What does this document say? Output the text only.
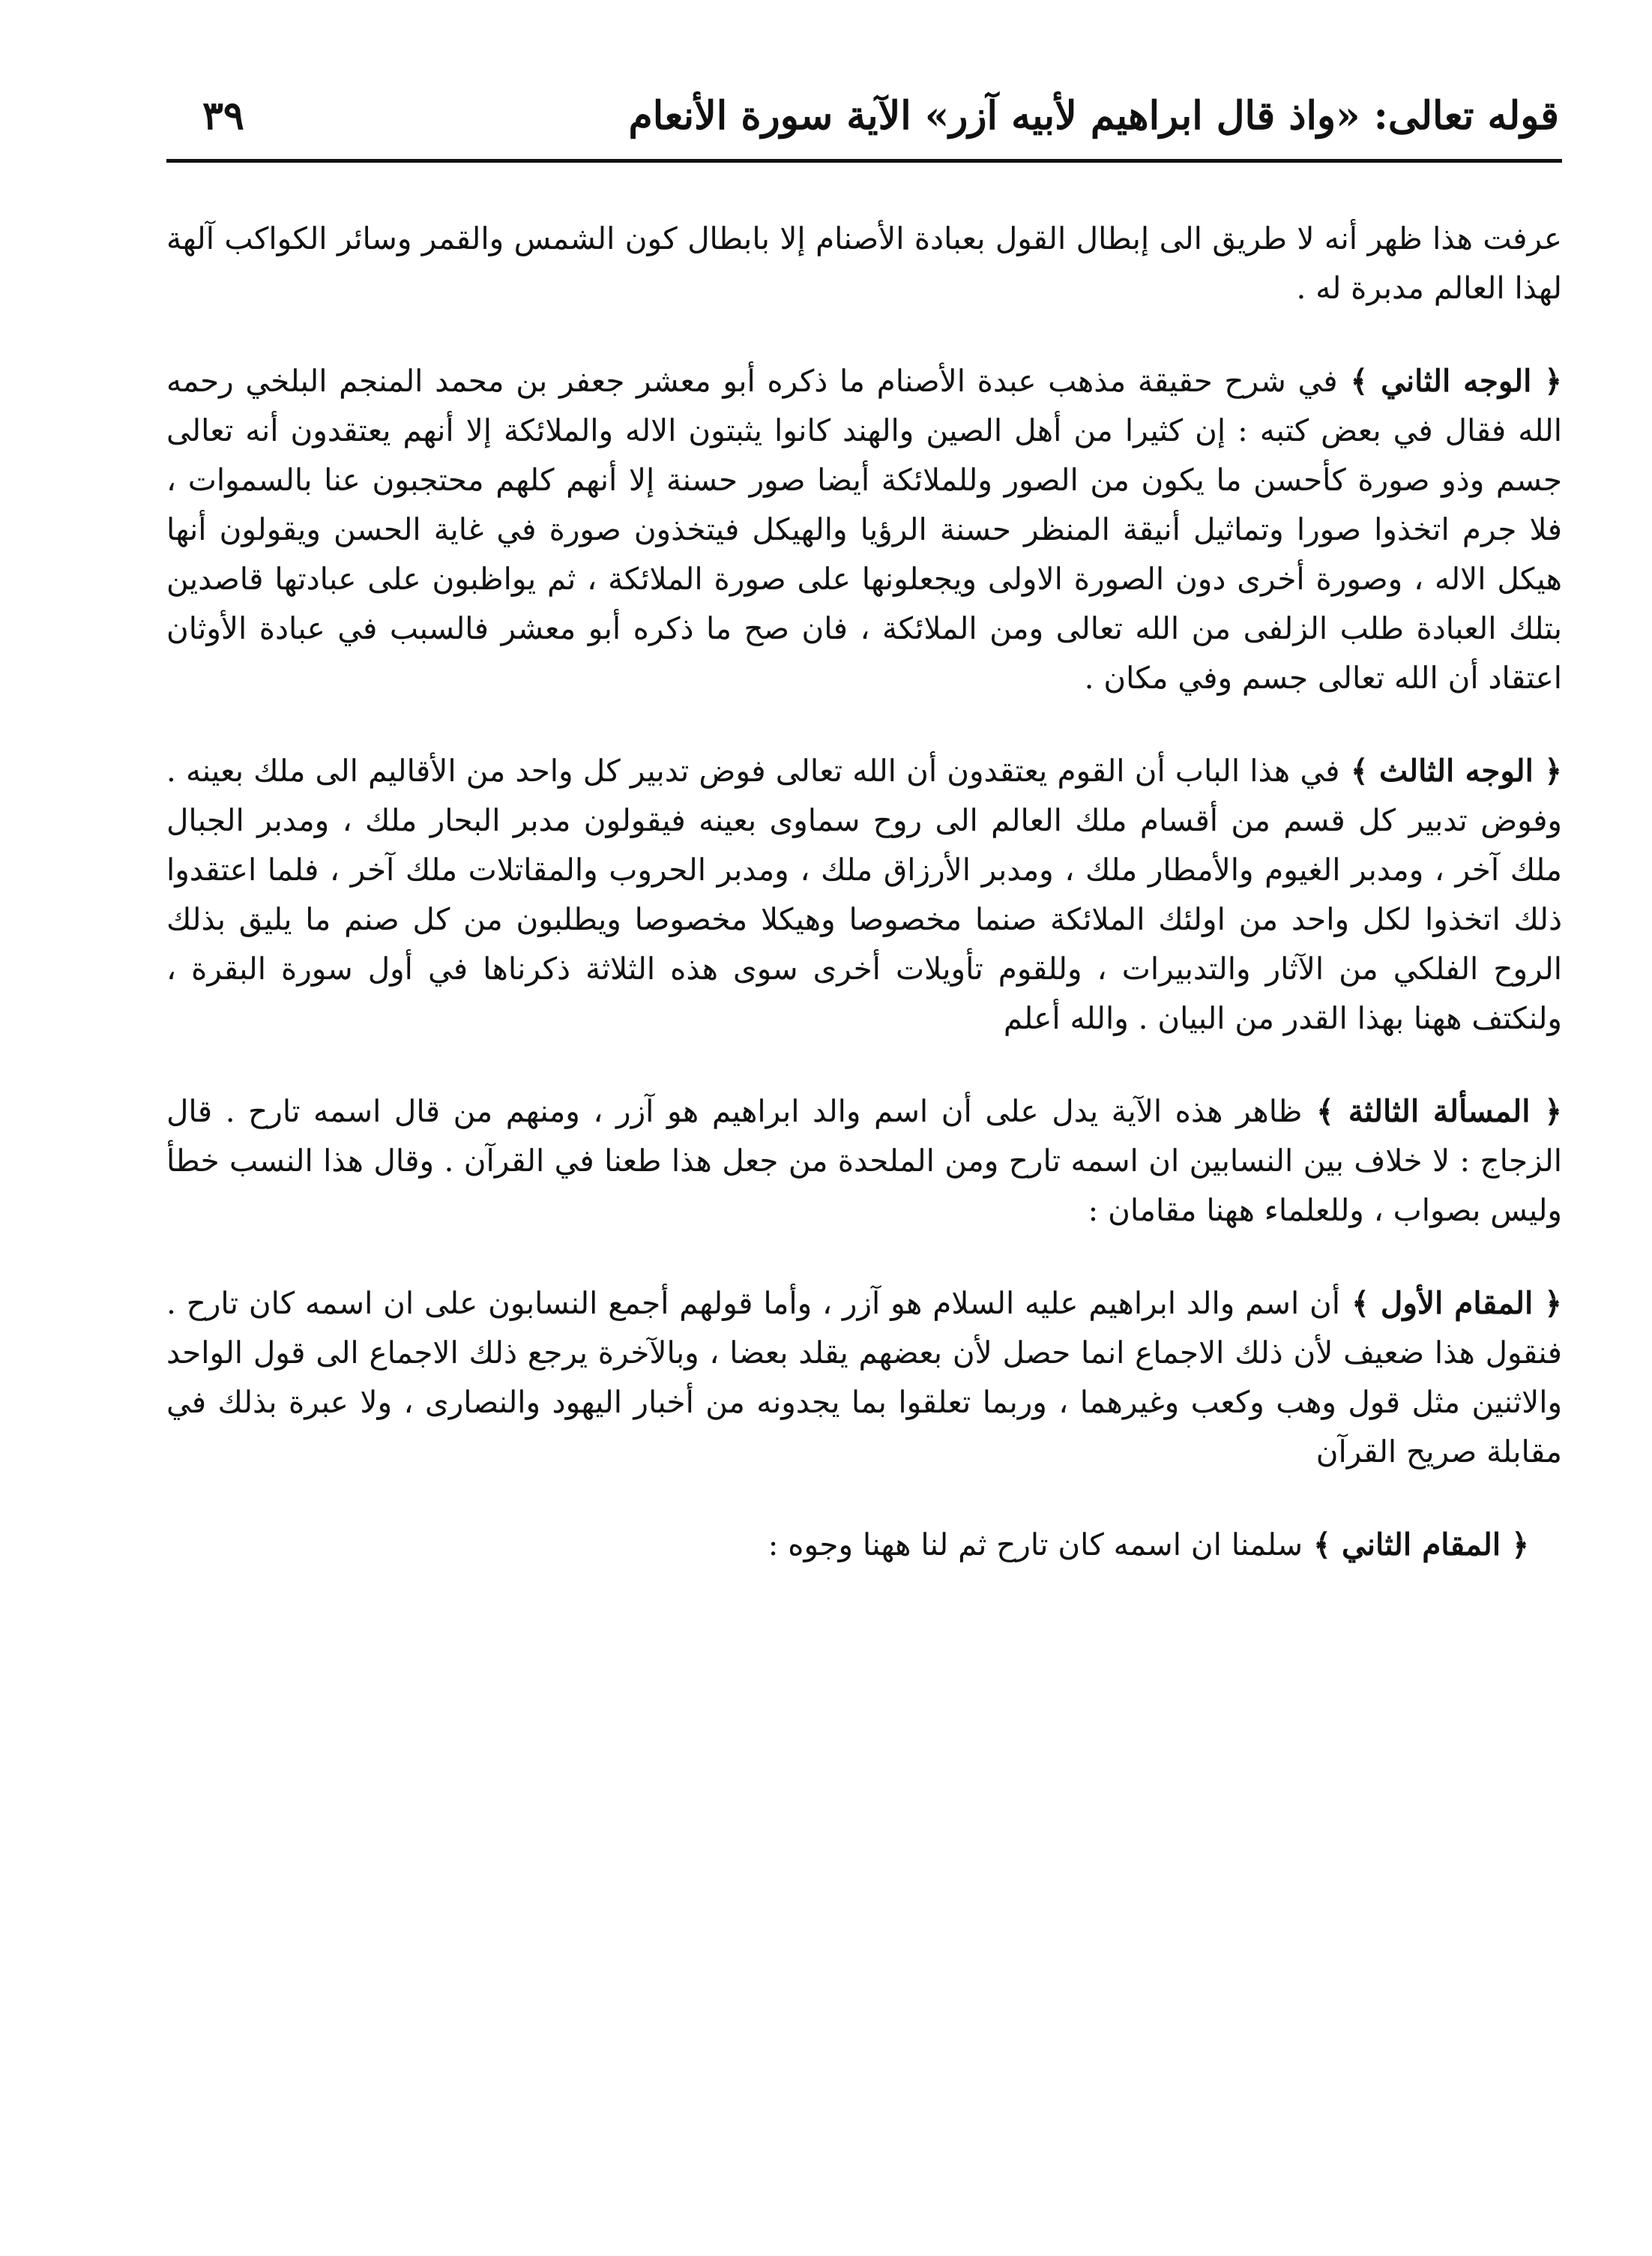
قوله تعالى: «واذ قال ابراهيم لأبيه آزر» الآية سورة الأنعام
٣٩

عرفت هذا ظهر أنه لا طريق الى إبطال القول بعبادة الأصنام إلا بابطال كون الشمس والقمر وسائر الكواكب آلهة لهذا العالم مدبرة له .

﴿ الوجه الثاني ﴾ في شرح حقيقة مذهب عبدة الأصنام ما ذكره أبو معشر جعفر بن محمد المنجم البلخي رحمه الله فقال في بعض كتبه : إن كثيرا من أهل الصين والهند كانوا يثبتون الاله والملائكة إلا أنهم يعتقدون أنه تعالى جسم وذو صورة كأحسن ما يكون من الصور وللملائكة أيضا صور حسنة إلا أنهم كلهم محتجبون عنا بالسموات ، فلا جرم اتخذوا صورا وتماثيل أنيقة المنظر حسنة الرؤيا والهيكل فيتخذون صورة في غاية الحسن ويقولون أنها هيكل الاله ، وصورة أخرى دون الصورة الاولى ويجعلونها على صورة الملائكة ، ثم يواظبون على عبادتها قاصدين بتلك العبادة طلب الزلفى من الله تعالى ومن الملائكة ، فان صح ما ذكره أبو معشر فالسبب في عبادة الأوثان اعتقاد أن الله تعالى جسم وفي مكان .

﴿ الوجه الثالث ﴾ في هذا الباب أن القوم يعتقدون أن الله تعالى فوض تدبير كل واحد من الأقاليم الى ملك بعينه . وفوض تدبير كل قسم من أقسام ملك العالم الى روح سماوى بعينه فيقولون مدبر البحار ملك ، ومدبر الجبال ملك آخر ، ومدبر الغيوم والأمطار ملك ، ومدبر الأرزاق ملك ، ومدبر الحروب والمقاتلات ملك آخر ، فلما اعتقدوا ذلك اتخذوا لكل واحد من اولئك الملائكة صنما مخصوصا وهيكلا مخصوصا ويطلبون من كل صنم ما يليق بذلك الروح الفلكي من الآثار والتدبيرات ، وللقوم تأويلات أخرى سوى هذه الثلاثة ذكرناها في أول سورة البقرة ، ولنكتف ههنا بهذا القدر من البيان . والله أعلم

﴿ المسألة الثالثة ﴾ ظاهر هذه الآية يدل على أن اسم والد ابراهيم هو آزر ، ومنهم من قال اسمه تارح . قال الزجاج : لا خلاف بين النسابين ان اسمه تارح ومن الملحدة من جعل هذا طعنا في القرآن . وقال هذا النسب خطأ وليس بصواب ، وللعلماء ههنا مقامان :

﴿ المقام الأول ﴾ أن اسم والد ابراهيم عليه السلام هو آزر ، وأما قولهم أجمع النسابون على ان اسمه كان تارح . فنقول هذا ضعيف لأن ذلك الاجماع انما حصل لأن بعضهم يقلد بعضا ، وبالآخرة يرجع ذلك الاجماع الى قول الواحد والاثنين مثل قول وهب وكعب وغيرهما ، وربما تعلقوا بما يجدونه من أخبار اليهود والنصارى ، ولا عبرة بذلك في مقابلة صريح القرآن

﴿ المقام الثاني ﴾ سلمنا ان اسمه كان تارح ثم لنا ههنا وجوه :
